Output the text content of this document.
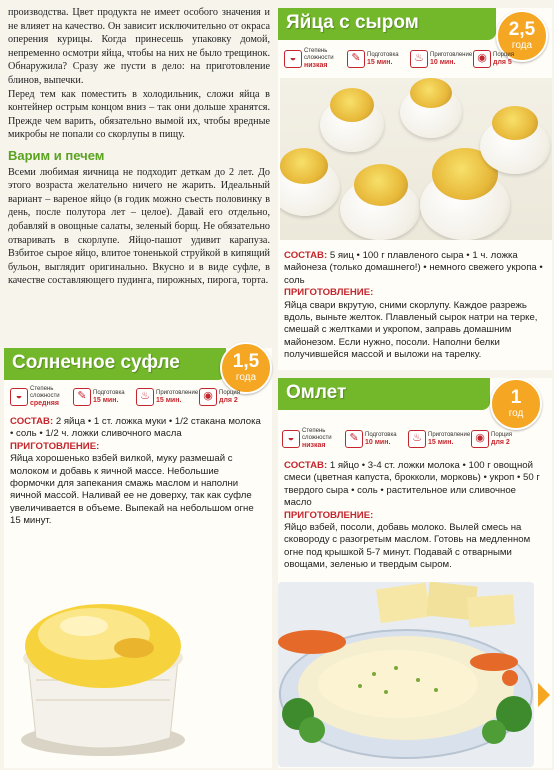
производства. Цвет продукта не имеет особого значения и не влияет на качество. Он зависит исключительно от окраса оперения курицы. Когда принесешь упаковку домой, непременно осмотри яйца, чтобы на них не было трещинок. Обнаружила? Сразу же пусти в дело: на приготовление блинов, выпечки.

Перед тем как поместить в холодильник, сложи яйца в контейнер острым концом вниз – так они дольше хранятся. Прежде чем варить, обязательно вымой их, чтобы вредные микробы не попали со скорлупы в пищу.

Варим и печем

Всеми любимая яичница не подходит деткам до 2 лет. До этого возраста желательно ничего не жарить. Идеальный вариант – вареное яйцо (в годик можно съесть половинку в день, после полутора лет – целое). Давай его отдельно, добавляй в овощные салаты, зеленый борщ. Не обязательно отваривать в скорлупе. Яйцо-пашот удивит карапуза. Взбитое сырое яйцо, влитое тоненькой струйкой в кипящий бульон, выглядит оригинально. Вкусно и в виде суфле, в качестве составляющего пудинга, пирожных, пирога, торта.

Яйца с сыром	2,5
года
◒
Степень сложности
низкая
✎	Подготовка
15 мин.	♨	Приготовление
10 мин.	◉	Порция
для 5
СОСТАВ: 5 яиц • 100 г плавленого сыра • 1 ч. ложка майонеза (только домашнего!) • немного свежего укропа • соль
ПРИГОТОВЛЕНИЕ:
Яйца свари вкрутую, сними скорлупу. Каждое разрежь вдоль, выньте желток. Плавленый сырок натри на терке, смешай с желтками и укропом, заправь домашним майонезом. Если нужно, посоли. Наполни белки получившейся массой и выложи на тарелку.
Солнечное суфле	1,5
года
◒
Степень сложности
средняя
✎	Подготовка
15 мин.	♨	Приготовление
15 мин.	◉	Порция
для 2
СОСТАВ: 2 яйца • 1 ст. ложка муки • 1/2 стакана молока • соль • 1/2 ч. ложки сливочного масла
ПРИГОТОВЛЕНИЕ:
Яйца хорошенько взбей вилкой, муку размешай с молоком и добавь к яичной массе. Небольшие формочки для запекания смажь маслом и наполни яичной массой. Наливай ее не доверху, так как суфле увеличивается в объеме. Выпекай на небольшом огне 15 минут.
Омлет	1
год
◒
Степень сложности
низкая
✎	Подготовка
10 мин.	♨	Приготовление
15 мин.	◉	Порция
для 2
СОСТАВ: 1 яйцо • 3-4 ст. ложки молока • 100 г овощной смеси (цветная капуста, брокколи, морковь) • укроп • 50 г твердого сыра • соль • растительное или сливочное масло
ПРИГОТОВЛЕНИЕ:
Яйцо взбей, посоли, добавь молоко. Вылей смесь на сковороду с разогретым маслом. Готовь на медленном огне под крышкой 5-7 минут. Подавай с отварными овощами, зеленью и твердым сыром.
